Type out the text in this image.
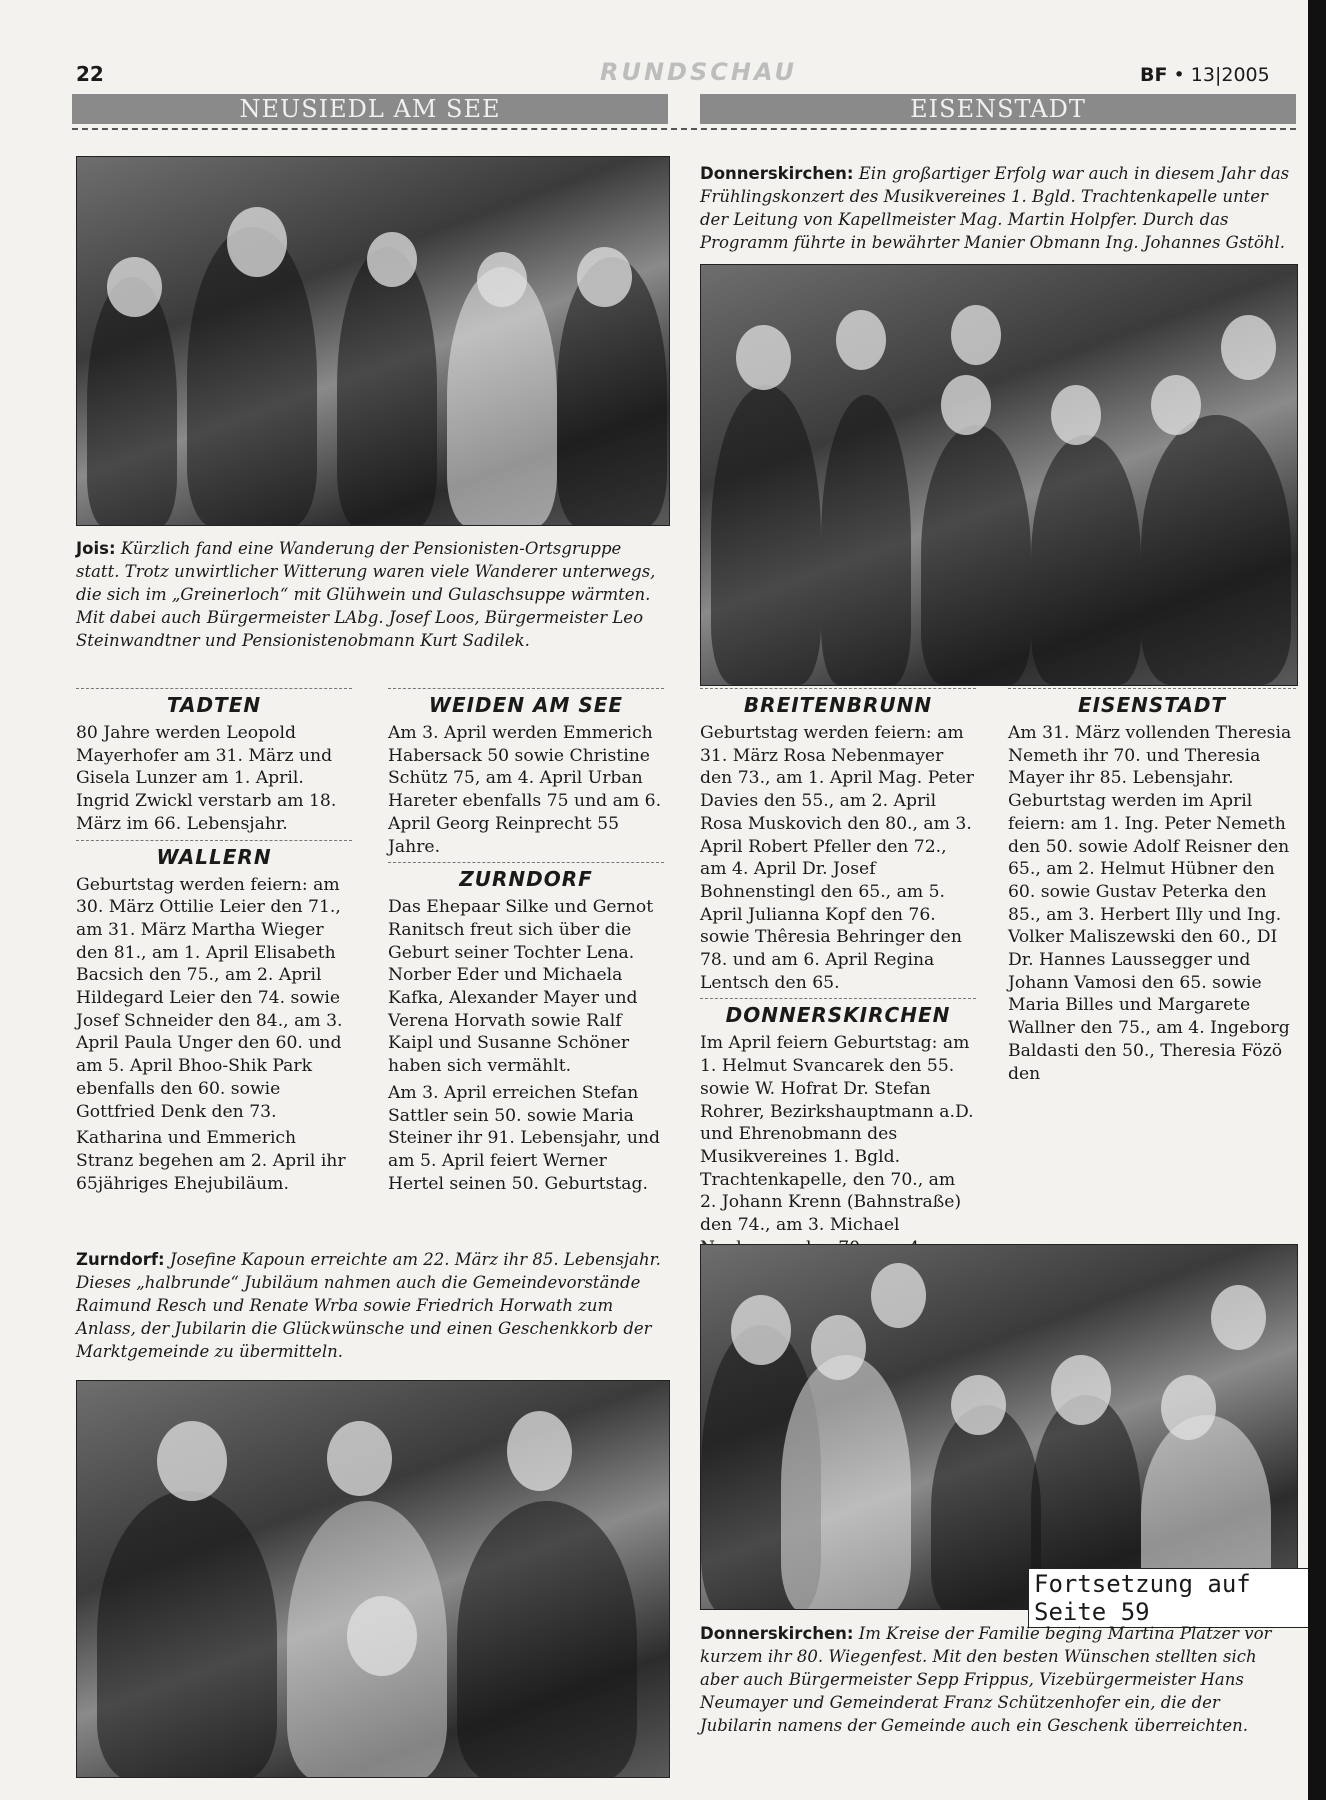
22	RUNDSCHAU	BF • 13|2005
NEUSIEDL AM SEE	EISENSTADT
Jois: Kürzlich fand eine Wanderung der Pensionisten-Ortsgruppe statt. Trotz unwirtlicher Witterung waren viele Wanderer unterwegs, die sich im „Greinerloch“ mit Glühwein und Gulaschsuppe wärmten. Mit dabei auch Bürgermeister LAbg. Josef Loos, Bürgermeister Leo Steinwandtner und Pensionistenobmann Kurt Sadilek.
Donnerskirchen: Ein großartiger Erfolg war auch in diesem Jahr das Frühlingskonzert des Musikvereines 1. Bgld. Trachtenkapelle unter der Leitung von Kapellmeister Mag. Martin Holpfer. Durch das Programm führte in bewährter Manier Obmann Ing. Johannes Gstöhl.
TADTEN

80 Jahre werden Leopold Mayerhofer am 31. März und Gisela Lunzer am 1. April. Ingrid Zwickl verstarb am 18. März im 66. Lebensjahr.

WALLERN

Geburtstag werden feiern: am 30. März Ottilie Leier den 71., am 31. März Martha Wieger den 81., am 1. April Elisabeth Bacsich den 75., am 2. April Hildegard Leier den 74. sowie Josef Schneider den 84., am 3. April Paula Unger den 60. und am 5. April Bhoo-Shik Park ebenfalls den 60. sowie Gottfried Denk den 73.

Katharina und Emmerich Stranz begehen am 2. April ihr 65jähriges Ehejubiläum.

WEIDEN AM SEE

Am 3. April werden Emmerich Habersack 50 sowie Christine Schütz 75, am 4. April Urban Hareter ebenfalls 75 und am 6. April Georg Reinprecht 55 Jahre.

ZURNDORF

Das Ehepaar Silke und Gernot Ranitsch freut sich über die Geburt seiner Tochter Lena. Norber Eder und Michaela Kafka, Alexander Mayer und Verena Horvath sowie Ralf Kaipl und Susanne Schöner haben sich vermählt.

Am 3. April erreichen Stefan Sattler sein 50. sowie Maria Steiner ihr 91. Lebensjahr, und am 5. April feiert Werner Hertel seinen 50. Geburtstag.

BREITENBRUNN

Geburtstag werden feiern: am 31. März Rosa Nebenmayer den 73., am 1. April Mag. Peter Davies den 55., am 2. April Rosa Muskovich den 80., am 3. April Robert Pfeller den 72., am 4. April Dr. Josef Bohnenstingl den 65., am 5. April Julianna Kopf den 76. sowie Thêresia Behringer den 78. und am 6. April Regina Lentsch den 65.

DONNERSKIRCHEN

Im April feiern Geburtstag: am 1. Helmut Svancarek den 55. sowie W. Hofrat Dr. Stefan Rohrer, Bezirkshauptmann a.D. und Ehrenobmann des Musikvereines 1. Bgld. Trachtenkapelle, den 70., am 2. Johann Krenn (Bahnstraße) den 74., am 3. Michael

EISENSTADT

Am 31. März vollenden Theresia Nemeth ihr 70. und Theresia Mayer ihr 85. Lebensjahr. Geburtstag werden im April feiern: am 1. Ing. Peter Nemeth den 50. sowie Adolf Reisner den 65., am 2. Helmut Hübner den 60. sowie Gustav Peterka den 85., am 3. Herbert Illy und Ing. Volker Maliszewski den 60., DI Dr. Hannes Laussegger und Johann Vamosi den 65. sowie Maria Billes und Margarete Wallner den 75., am 4. Ingeborg Baldasti den 50., Theresia Fözö den

Zurndorf: Josefine Kapoun erreichte am 22. März ihr 85. Lebensjahr. Dieses „halbrunde“ Jubiläum nahmen auch die Gemeindevorstände Raimund Resch und Renate Wrba sowie Friedrich Horwath zum Anlass, der Jubilarin die Glückwünsche und einen Geschenkkorb der Marktgemeinde zu übermitteln.
Fortsetzung auf Seite 59
Donnerskirchen: Im Kreise der Familie beging Martina Platzer vor kurzem ihr 80. Wiegenfest. Mit den besten Wünschen stellten sich aber auch Bürgermeister Sepp Frippus, Vizebürgermeister Hans Neumayer und Gemeinderat Franz Schützenhofer ein, die der Jubilarin namens der Gemeinde auch ein Geschenk überreichten.
